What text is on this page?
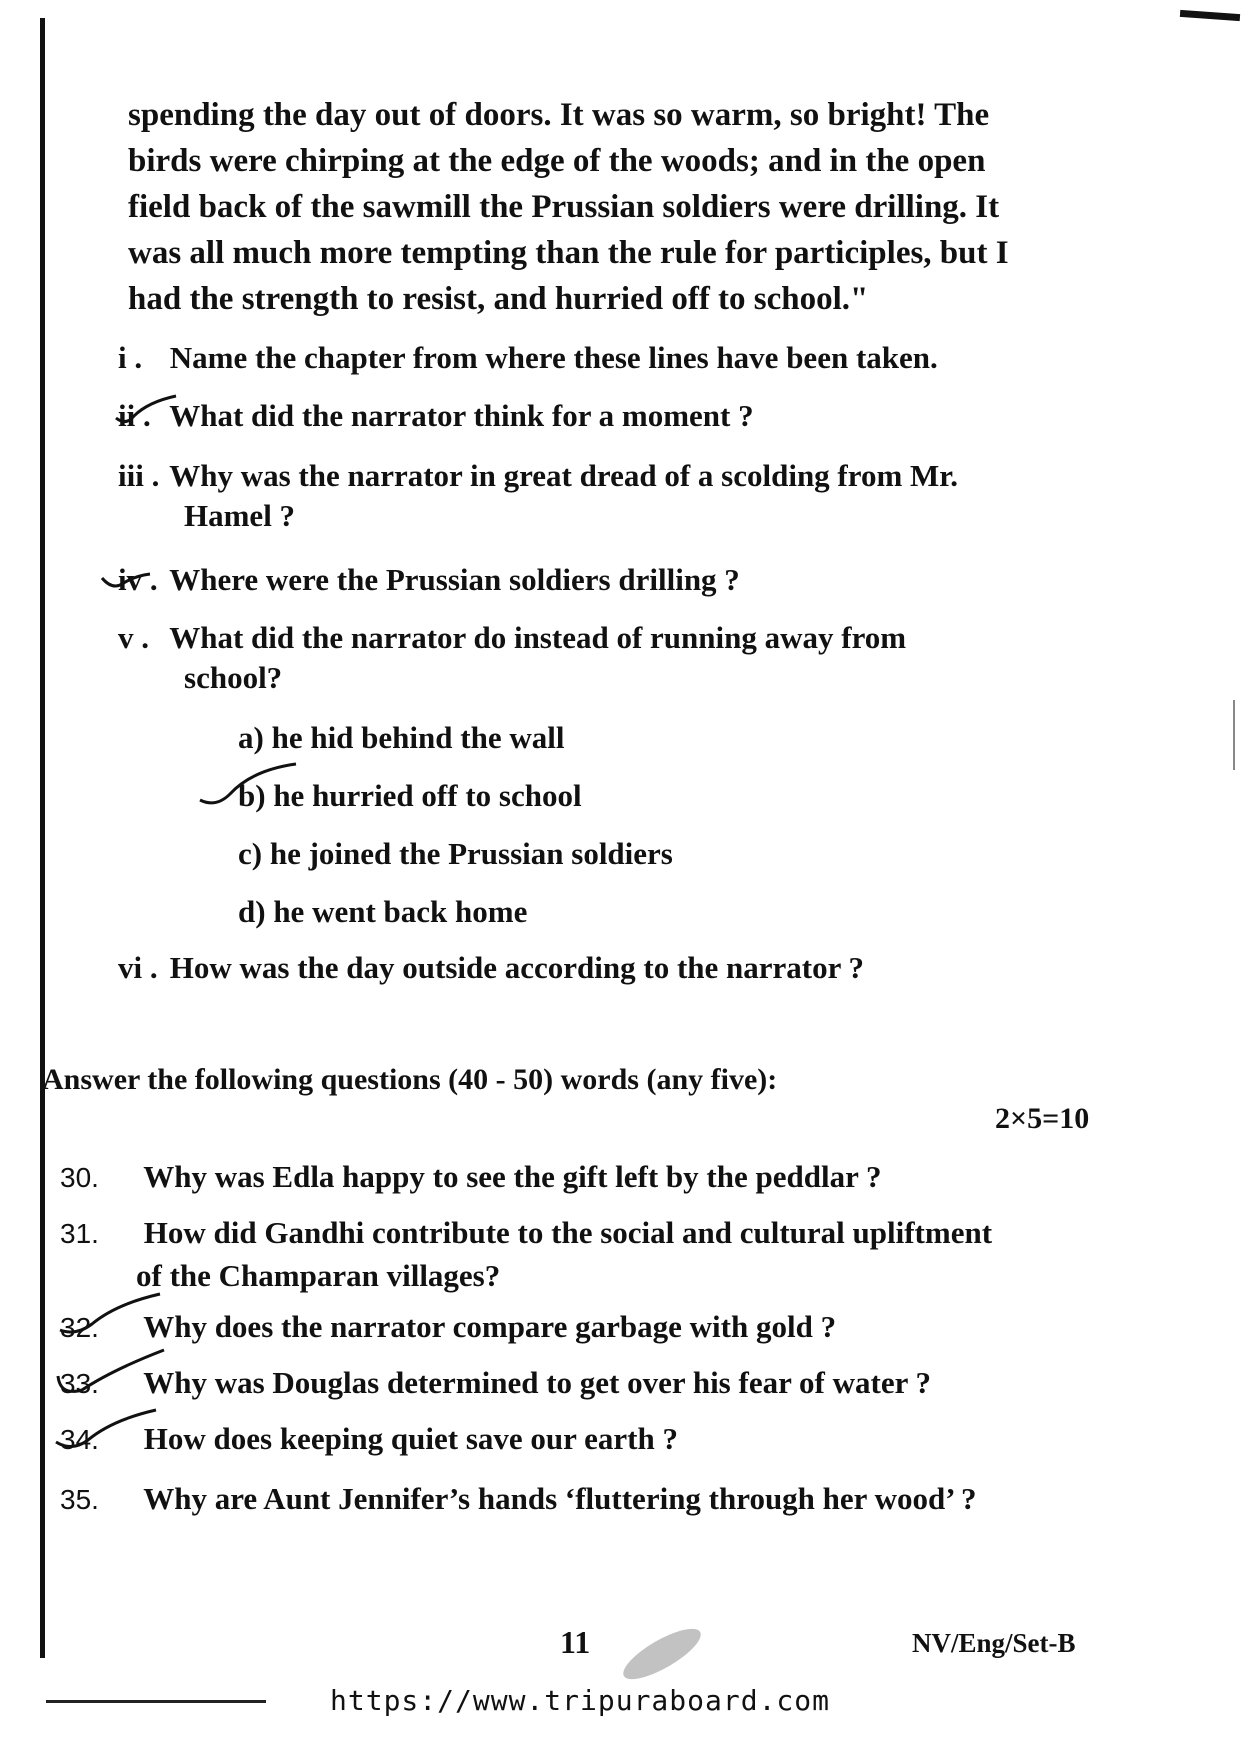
spending the day out of doors. It was so warm, so bright! The

birds were chirping at the edge of the woods; and in the open

field back of the sawmill the Prussian soldiers were drilling. It

was all much more tempting than the rule for participles, but I

had the strength to resist, and hurried off to school."

i . Name the chapter from where these lines have been taken.
ii . What did the narrator think for a moment ?
iii . Why was the narrator in great dread of a scolding from Mr.
Hamel ?
iv . Where were the Prussian soldiers drilling ?
v . What did the narrator do instead of running away from
school?
a) he hid behind the wall
b) he hurried off to school
c) he joined the Prussian soldiers
d) he went back home
vi . How was the day outside according to the narrator ?
Answer the following questions (40 - 50) words (any five):
2×5=10
30. Why was Edla happy to see the gift left by the peddlar ?
31. How did Gandhi contribute to the social and cultural upliftment
of the Champaran villages?
32. Why does the narrator compare garbage with gold ?
33. Why was Douglas determined to get over his fear of water ?
34. How does keeping quiet save our earth ?
35. Why are Aunt Jennifer’s hands ‘fluttering through her wood’ ?
11	NV/Eng/Set-B
https://www.tripuraboard.com
